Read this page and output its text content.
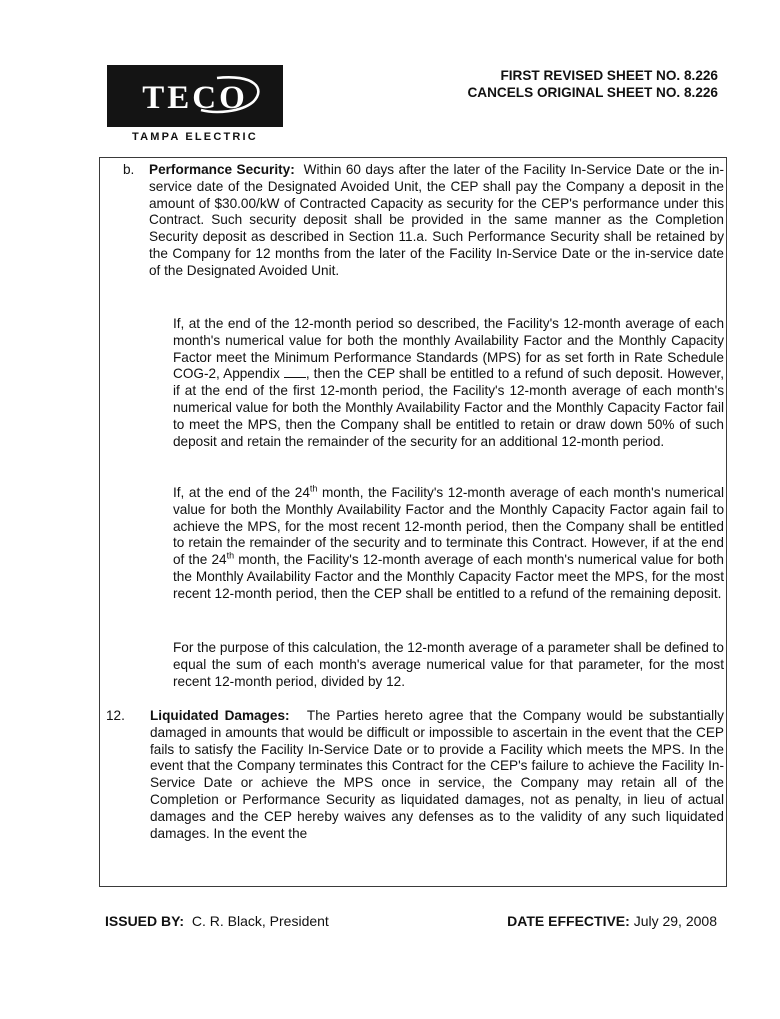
TECO
TAMPA ELECTRIC
FIRST REVISED SHEET NO. 8.226
CANCELS ORIGINAL SHEET NO. 8.226
b. Performance Security: Within 60 days after the later of the Facility In-Service Date or the in-service date of the Designated Avoided Unit, the CEP shall pay the Company a deposit in the amount of $30.00/kW of Contracted Capacity as security for the CEP's performance under this Contract. Such security deposit shall be provided in the same manner as the Completion Security deposit as described in Section 11.a. Such Performance Security shall be retained by the Company for 12 months from the later of the Facility In-Service Date or the in-service date of the Designated Avoided Unit.
If, at the end of the 12-month period so described, the Facility's 12-month average of each month's numerical value for both the monthly Availability Factor and the Monthly Capacity Factor meet the Minimum Performance Standards (MPS) for as set forth in Rate Schedule COG-2, Appendix , then the CEP shall be entitled to a refund of such deposit. However, if at the end of the first 12-month period, the Facility's 12-month average of each month's numerical value for both the Monthly Availability Factor and the Monthly Capacity Factor fail to meet the MPS, then the Company shall be entitled to retain or draw down 50% of such deposit and retain the remainder of the security for an additional 12-month period.
If, at the end of the 24th month, the Facility's 12-month average of each month's numerical value for both the Monthly Availability Factor and the Monthly Capacity Factor again fail to achieve the MPS, for the most recent 12-month period, then the Company shall be entitled to retain the remainder of the security and to terminate this Contract. However, if at the end of the 24th month, the Facility's 12-month average of each month's numerical value for both the Monthly Availability Factor and the Monthly Capacity Factor meet the MPS, for the most recent 12-month period, then the CEP shall be entitled to a refund of the remaining deposit.
For the purpose of this calculation, the 12-month average of a parameter shall be defined to equal the sum of each month's average numerical value for that parameter, for the most recent 12-month period, divided by 12.
12. Liquidated Damages: The Parties hereto agree that the Company would be substantially damaged in amounts that would be difficult or impossible to ascertain in the event that the CEP fails to satisfy the Facility In-Service Date or to provide a Facility which meets the MPS. In the event that the Company terminates this Contract for the CEP's failure to achieve the Facility In-Service Date or achieve the MPS once in service, the Company may retain all of the Completion or Performance Security as liquidated damages, not as penalty, in lieu of actual damages and the CEP hereby waives any defenses as to the validity of any such liquidated damages. In the event the
ISSUED BY: C. R. Black, President	DATE EFFECTIVE: July 29, 2008
